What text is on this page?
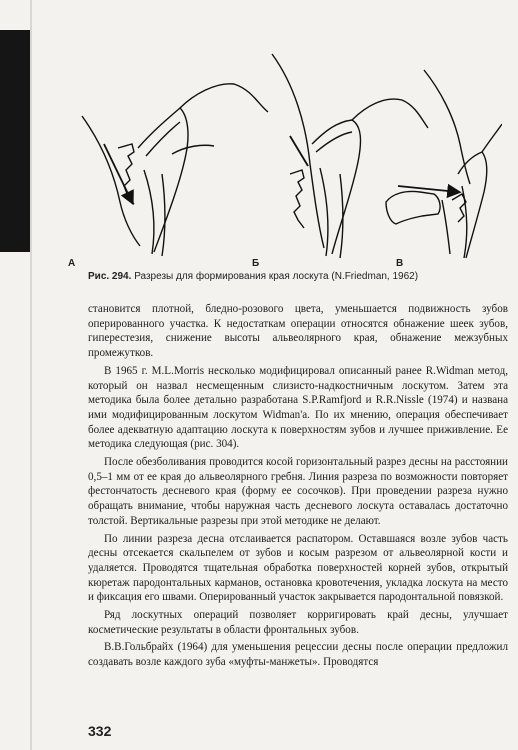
А	Б	В

Рис. 294. Разрезы для формирования края лоскута (N.Friedman, 1962)

становится плотной, бледно-розового цвета, уменьшается подвижность зубов оперированного участка. К недостаткам операции относятся обнажение шеек зубов, гиперестезия, снижение высоты альвеолярного края, обнажение межзубных промежутков.

В 1965 г. M.L.Morris несколько модифицировал описанный ранее R.Widman метод, который он назвал несмещенным слизисто-надкостничным лоскутом. Затем эта методика была более детально разработана S.P.Ramfjord и R.R.Nissle (1974) и названа ими модифицированным лоскутом Widman'a. По их мнению, операция обеспечивает более адекватную адаптацию лоскута к поверхностям зубов и лучшее приживление. Ее методика следующая (рис. 304).

После обезболивания проводится косой горизонтальный разрез десны на расстоянии 0,5–1 мм от ее края до альвеолярного гребня. Линия разреза по возможности повторяет фестончатость десневого края (форму ее сосочков). При проведении разреза нужно обращать внимание, чтобы наружная часть десневого лоскута оставалась достаточно толстой. Вертикальные разрезы при этой методике не делают.

По линии разреза десна отслаивается распатором. Оставшаяся возле зубов часть десны отсекается скальпелем от зубов и косым разрезом от альвеолярной кости и удаляется. Проводятся тщательная обработка поверхностей корней зубов, открытый кюретаж пародонтальных карманов, остановка кровотечения, укладка лоскута на место и фиксация его швами. Оперированный участок закрывается пародонтальной повязкой.

Ряд лоскутных операций позволяет корригировать край десны, улучшает косметические результаты в области фронтальных зубов.

В.В.Гольбрайх (1964) для уменьшения рецессии десны после операции предложил создавать возле каждого зуба «муфты-манжеты». Проводятся

332
